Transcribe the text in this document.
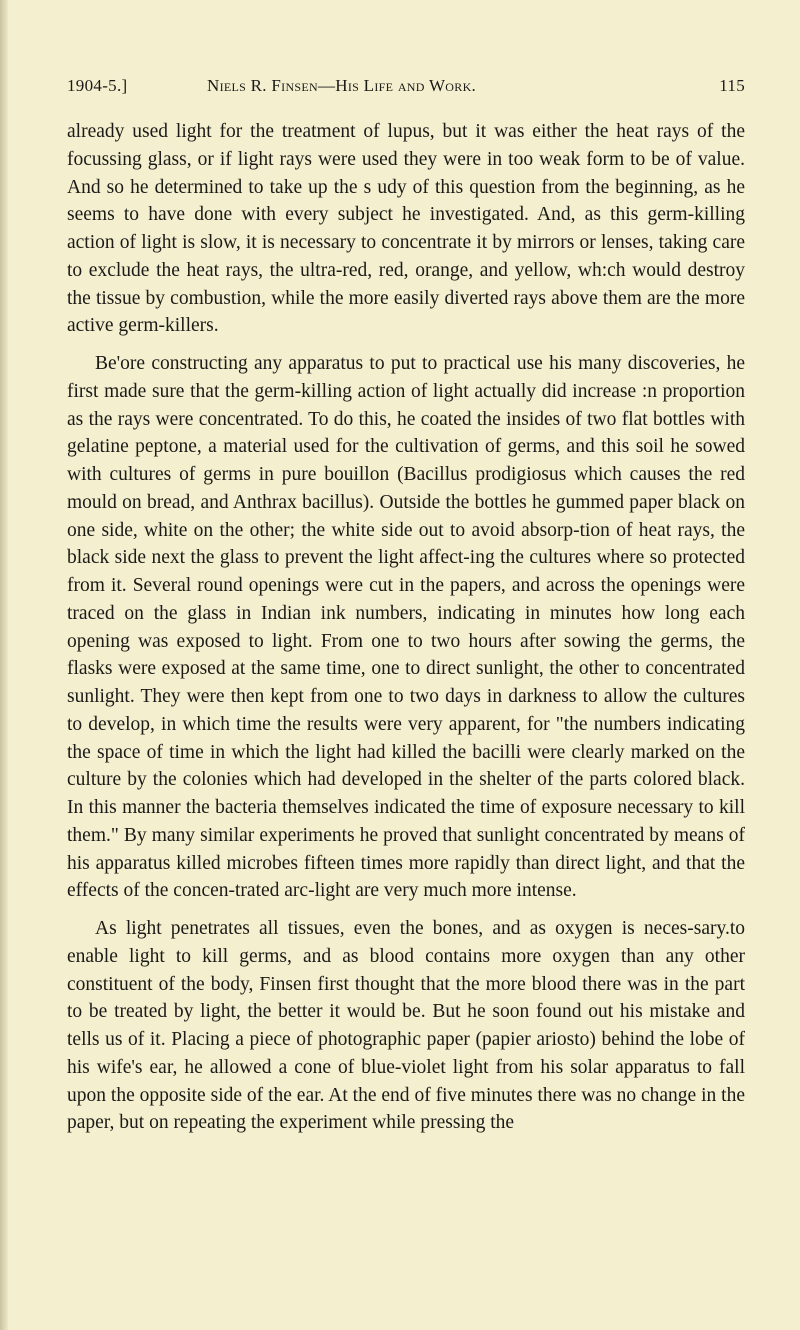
1904-5.]	Niels R. Finsen—His Life and Work.	115

already used light for the treatment of lupus, but it was either the heat rays of the focussing glass, or if light rays were used they were in too weak form to be of value. And so he determined to take up the s udy of this question from the beginning, as he seems to have done with every subject he investigated. And, as this germ-killing action of light is slow, it is necessary to concentrate it by mirrors or lenses, taking care to exclude the heat rays, the ultra-red, red, orange, and yellow, wh:ch would destroy the tissue by combustion, while the more easily diverted rays above them are the more active germ-killers.

Be'ore constructing any apparatus to put to practical use his many discoveries, he first made sure that the germ-killing action of light actually did increase :n proportion as the rays were concentrated. To do this, he coated the insides of two flat bottles with gelatine peptone, a material used for the cultivation of germs, and this soil he sowed with cultures of germs in pure bouillon (Bacillus prodigiosus which causes the red mould on bread, and Anthrax bacillus). Outside the bottles he gummed paper black on one side, white on the other; the white side out to avoid absorp-tion of heat rays, the black side next the glass to prevent the light affect-ing the cultures where so protected from it. Several round openings were cut in the papers, and across the openings were traced on the glass in Indian ink numbers, indicating in minutes how long each opening was exposed to light. From one to two hours after sowing the germs, the flasks were exposed at the same time, one to direct sunlight, the other to concentrated sunlight. They were then kept from one to two days in darkness to allow the cultures to develop, in which time the results were very apparent, for "the numbers indicating the space of time in which the light had killed the bacilli were clearly marked on the culture by the colonies which had developed in the shelter of the parts colored black. In this manner the bacteria themselves indicated the time of exposure necessary to kill them." By many similar experiments he proved that sunlight concentrated by means of his apparatus killed microbes fifteen times more rapidly than direct light, and that the effects of the concen-trated arc-light are very much more intense.

As light penetrates all tissues, even the bones, and as oxygen is neces-sary.to enable light to kill germs, and as blood contains more oxygen than any other constituent of the body, Finsen first thought that the more blood there was in the part to be treated by light, the better it would be. But he soon found out his mistake and tells us of it. Placing a piece of photographic paper (papier ariosto) behind the lobe of his wife's ear, he allowed a cone of blue-violet light from his solar apparatus to fall upon the opposite side of the ear. At the end of five minutes there was no change in the paper, but on repeating the experiment while pressing the
